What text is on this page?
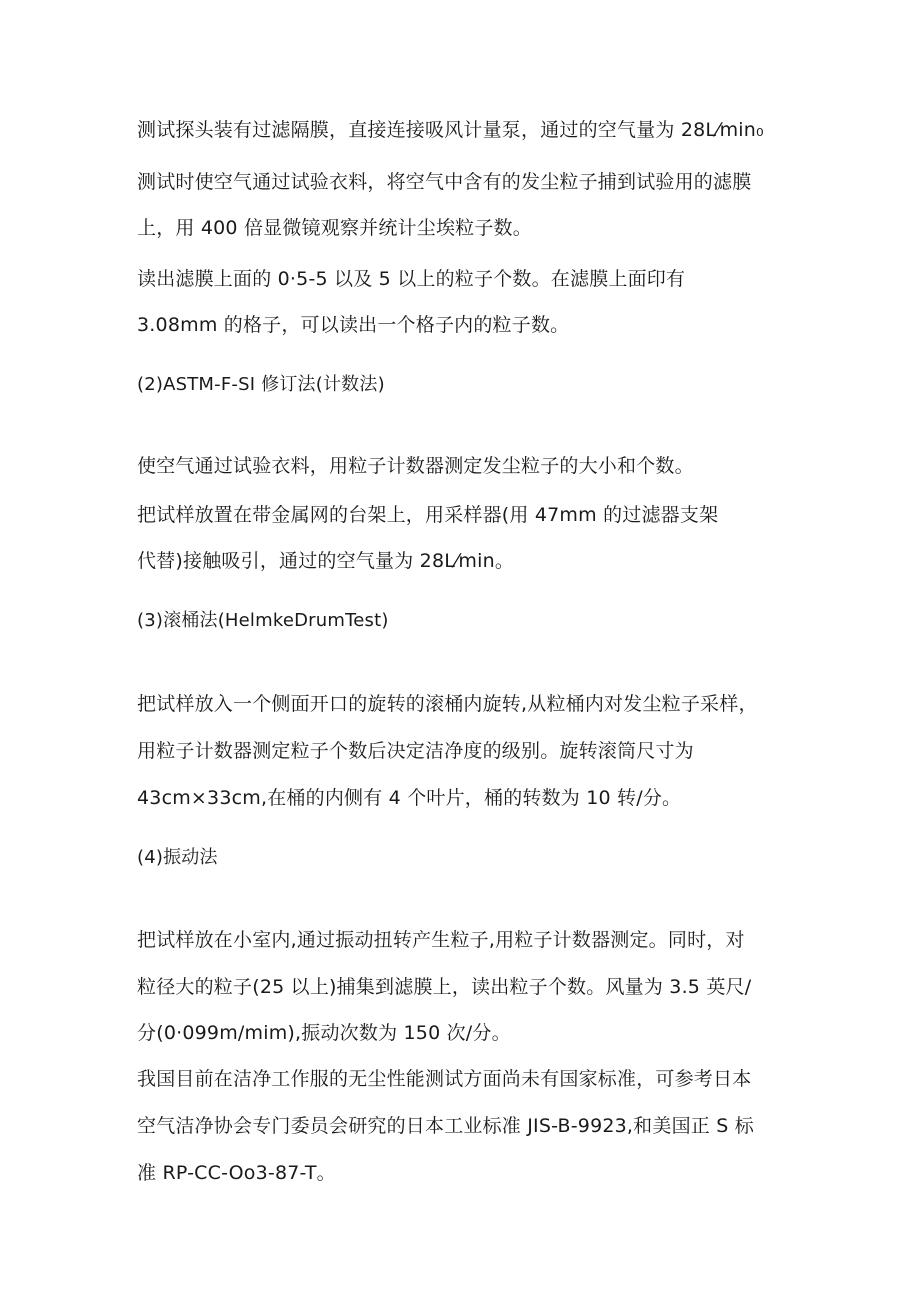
测试探头装有过滤隔膜，直接连接吸风计量泵，通过的空气量为 28L⁄min₀
测试时使空气通过试验衣料，将空气中含有的发尘粒子捕到试验用的滤膜
上，用 400 倍显微镜观察并统计尘埃粒子数。
读出滤膜上面的 0·5-5 以及 5 以上的粒子个数。在滤膜上面印有
3.08mm 的格子，可以读出一个格子内的粒子数。
(2)ASTM-F-SI 修订法(计数法)
使空气通过试验衣料，用粒子计数器测定发尘粒子的大小和个数。
把试样放置在带金属网的台架上，用采样器(用 47mm 的过滤器支架
代替)接触吸引，通过的空气量为 28L⁄min。
(3)滚桶法(HelmkeDrumTest)
把试样放入一个侧面开口的旋转的滚桶内旋转,从粒桶内对发尘粒子采样，
用粒子计数器测定粒子个数后决定洁净度的级别。旋转滚筒尺寸为
43cm×33cm,在桶的内侧有 4 个叶片，桶的转数为 10 转/分。
(4)振动法
把试样放在小室内,通过振动扭转产生粒子,用粒子计数器测定。同时，对
粒径大的粒子(25 以上)捕集到滤膜上，读出粒子个数。风量为 3.5 英尺/
分(0·099m/mim),振动次数为 150 次/分。
我国目前在洁净工作服的无尘性能测试方面尚未有国家标准，可参考日本
空气洁净协会专门委员会研究的日本工业标准 JIS-B-9923,和美国正 S 标
准 RP-CC-Oo3-87-T。
